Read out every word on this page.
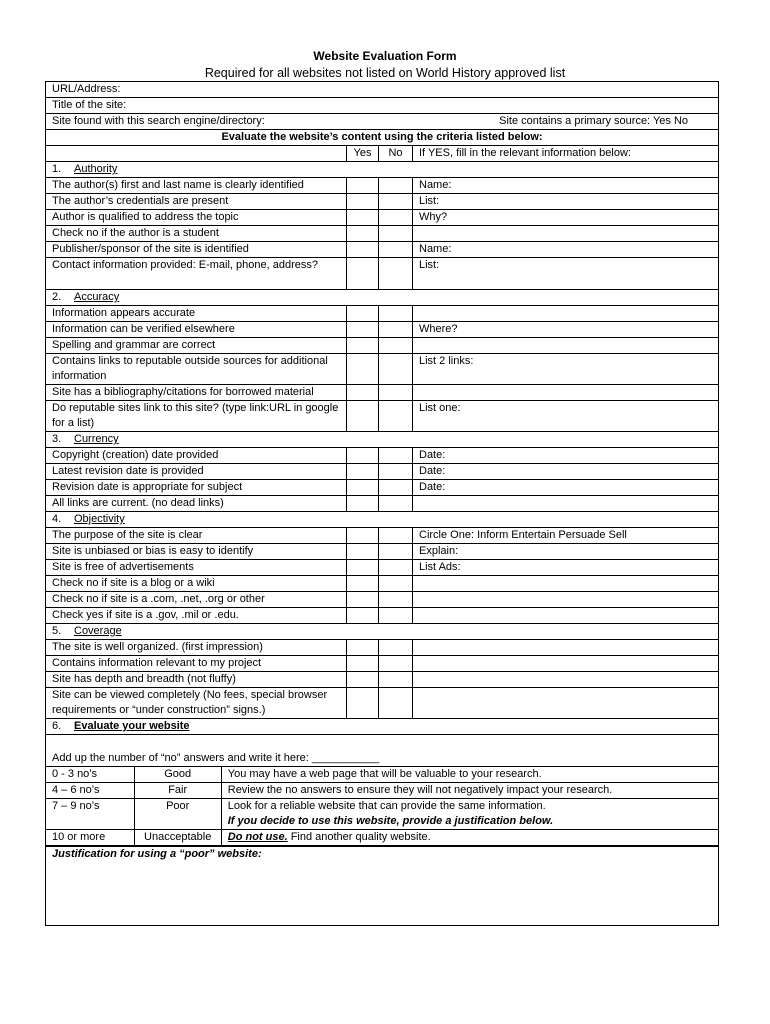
Website Evaluation Form
Required for all websites not listed on World History approved list
URL/Address:
Title of the site:

Site found with this search engine/directory:	Site contains a primary source: Yes No

Evaluate the website’s content using the criteria listed below:
	Yes	No	If YES, fill in the relevant information below:
1. Authority
The author(s) first and last name is clearly identified			Name:
The author’s credentials are present			List:
Author is qualified to address the topic			Why?
Check no if the author is a student			
Publisher/sponsor of the site is identified			Name:
Contact information provided: E-mail, phone, address?			List:
2. Accuracy
Information appears accurate			
Information can be verified elsewhere			Where?
Spelling and grammar are correct			
Contains links to reputable outside sources for additional information			List 2 links:
Site has a bibliography/citations for borrowed material			
Do reputable sites link to this site? (type link:URL in google for a list)			List one:
3. Currency
Copyright (creation) date provided			Date:
Latest revision date is provided			Date:
Revision date is appropriate for subject			Date:
All links are current. (no dead links)			
4. Objectivity
The purpose of the site is clear			Circle One: Inform Entertain Persuade Sell
Site is unbiased or bias is easy to identify			Explain:
Site is free of advertisements			List Ads:
Check no if site is a blog or a wiki			
Check no if site is a .com, .net, .org or other			
Check yes if site is a .gov, .mil or .edu.			
5. Coverage
The site is well organized. (first impression)			
Contains information relevant to my project			
Site has depth and breadth (not fluffy)			
Site can be viewed completely (No fees, special browser requirements or “under construction” signs.)			
6. Evaluate your website

Add up the number of “no” answers and write it here: ___________
0 - 3 no’s	Good	You may have a web page that will be valuable to your research.
4 – 6 no’s	Fair	Review the no answers to ensure they will not negatively impact your research.
7 – 9 no’s	Poor	Look for a reliable website that can provide the same information.
If you decide to use this website, provide a justification below.
10 or more	Unacceptable	Do not use. Find another quality website.

Justification for using a “poor” website:
